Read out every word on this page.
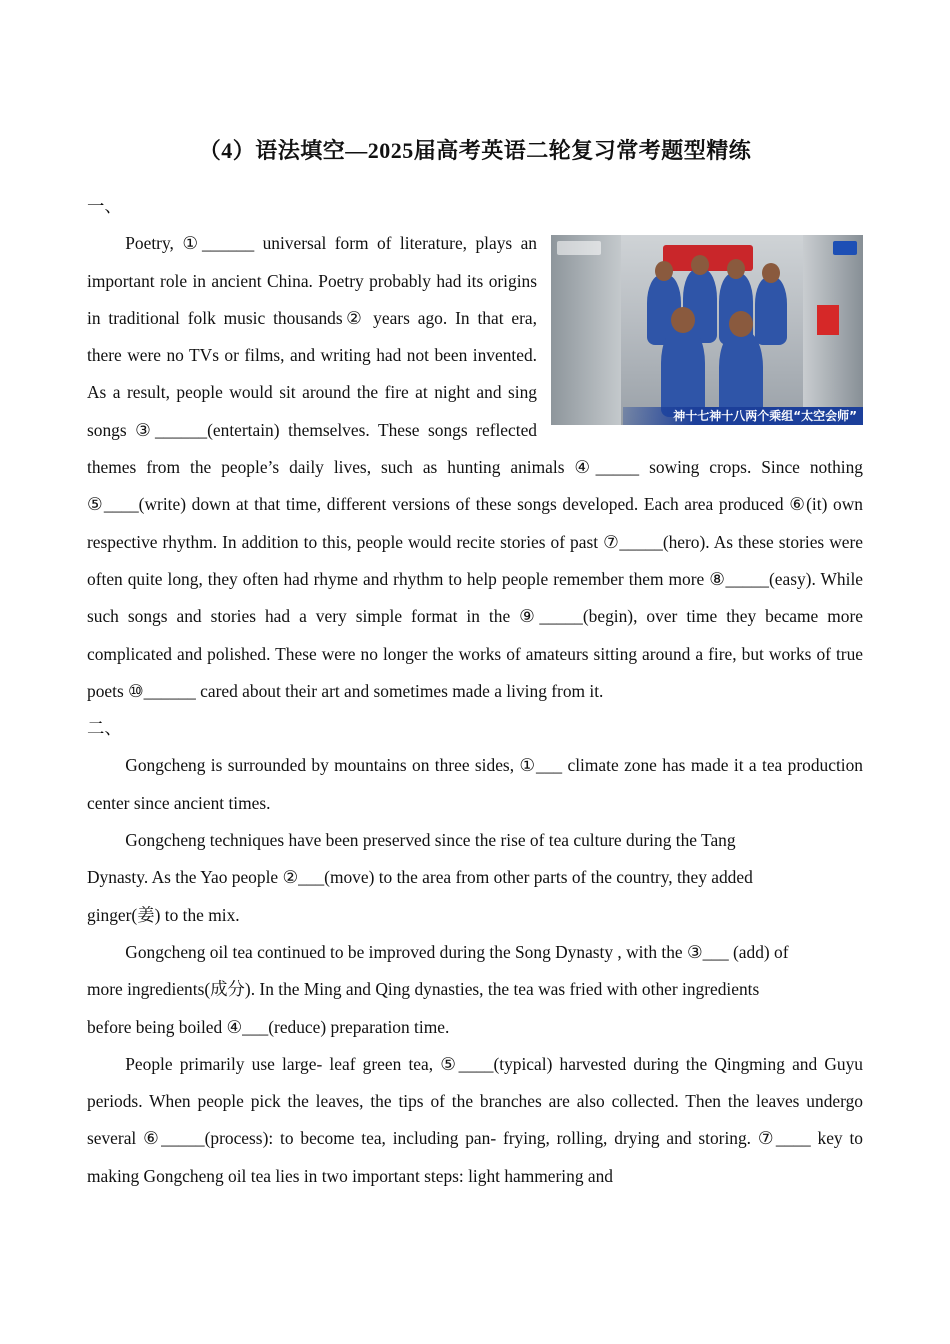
（4）语法填空—2025届高考英语二轮复习常考题型精练

一、

神十七神十八两个乘组“太空会师”

Poetry, ①______ universal form of literature, plays an important role in ancient China. Poetry probably had its origins in traditional folk music thousands② years ago. In that era, there were no TVs or films, and writing had not been invented. As a result, people would sit around the fire at night and sing songs ③______(entertain) themselves. These songs reflected themes from the people’s daily lives, such as hunting animals ④_____ sowing crops. Since nothing ⑤____(write) down at that time, different versions of these songs developed. Each area produced ⑥(it) own respective rhythm. In addition to this, people would recite stories of past ⑦_____(hero). As these stories were often quite long, they often had rhyme and rhythm to help people remember them more ⑧_____(easy). While such songs and stories had a very simple format in the ⑨_____(begin), over time they became more complicated and polished. These were no longer the works of amateurs sitting around a fire, but works of true poets ⑩______ cared about their art and sometimes made a living from it.

二、

Gongcheng is surrounded by mountains on three sides, ①___ climate zone has made it a tea production center since ancient times.

Gongcheng techniques have been preserved since the rise of tea culture during the Tang

Dynasty. As the Yao people ②___(move) to the area from other parts of the country, they added

ginger(姜) to the mix.

Gongcheng oil tea continued to be improved during the Song Dynasty , with the ③___ (add) of

more ingredients(成分). In the Ming and Qing dynasties, the tea was fried with other ingredients

before being boiled ④___(reduce) preparation time.

People primarily use large- leaf green tea, ⑤____(typical) harvested during the Qingming and Guyu periods. When people pick the leaves, the tips of the branches are also collected. Then the leaves undergo several ⑥_____(process): to become tea, including pan- frying, rolling, drying and storing. ⑦____ key to making Gongcheng oil tea lies in two important steps: light hammering and
